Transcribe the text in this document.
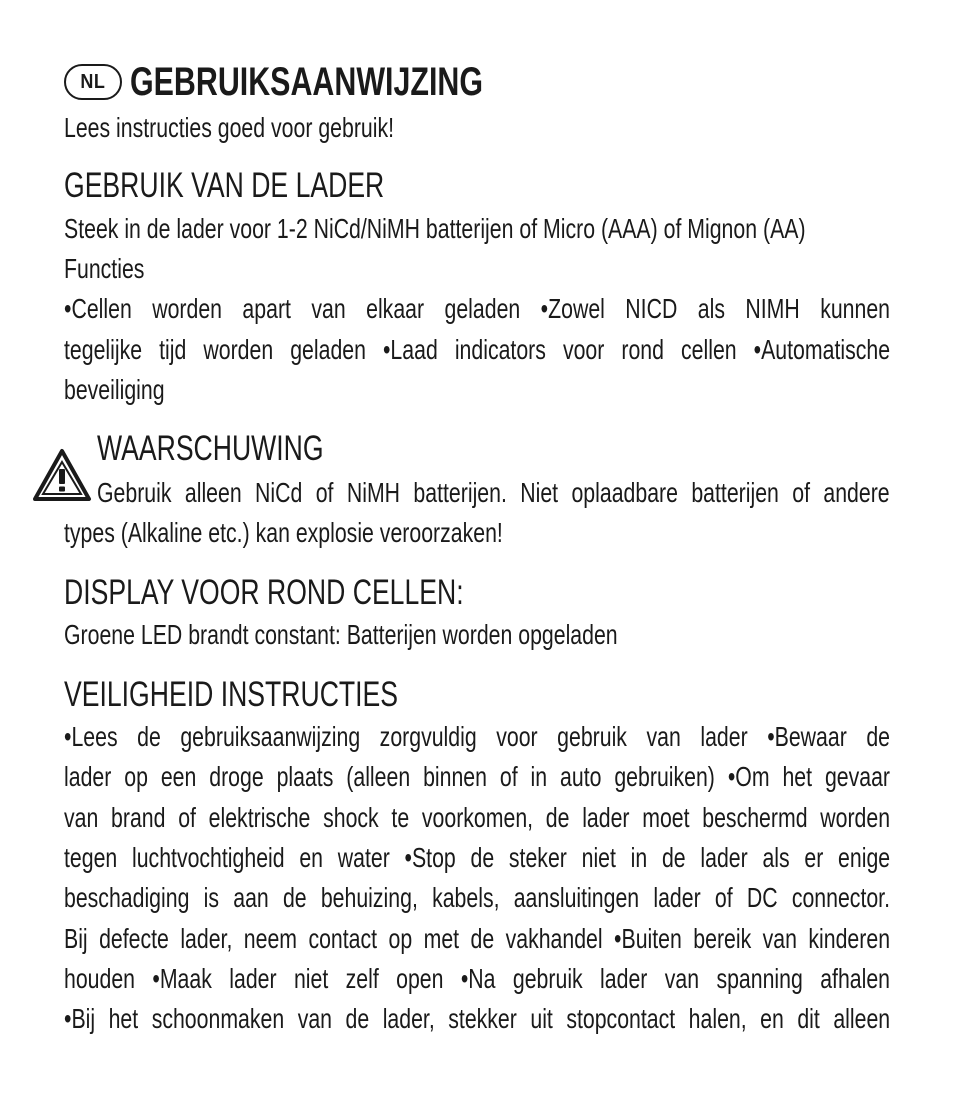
NL GEBRUIKSAANWIJZING
Lees instructies goed voor gebruik!
GEBRUIK VAN DE LADER
Steek in de lader voor 1-2 NiCd/NiMH batterijen of Micro (AAA) of Mignon (AA)
Functies
•Cellen worden apart van elkaar geladen •Zowel NICD als NIMH kunnen
tegelijke tijd worden geladen •Laad indicators voor rond cellen •Automatische
beveiliging
WAARSCHUWING
Gebruik alleen NiCd of NiMH batterijen. Niet oplaadbare batterijen of andere
types (Alkaline etc.) kan explosie veroorzaken!
DISPLAY VOOR ROND CELLEN:
Groene LED brandt constant: Batterijen worden opgeladen
VEILIGHEID INSTRUCTIES
•Lees de gebruiksaanwijzing zorgvuldig voor gebruik van lader •Bewaar de
lader op een droge plaats (alleen binnen of in auto gebruiken) •Om het gevaar
van brand of elektrische shock te voorkomen, de lader moet beschermd worden
tegen luchtvochtigheid en water •Stop de steker niet in de lader als er enige
beschadiging is aan de behuizing, kabels, aansluitingen lader of DC connector.
Bij defecte lader, neem contact op met de vakhandel •Buiten bereik van kinderen
houden •Maak lader niet zelf open •Na gebruik lader van spanning afhalen
•Bij het schoonmaken van de lader, stekker uit stopcontact halen, en dit alleen
